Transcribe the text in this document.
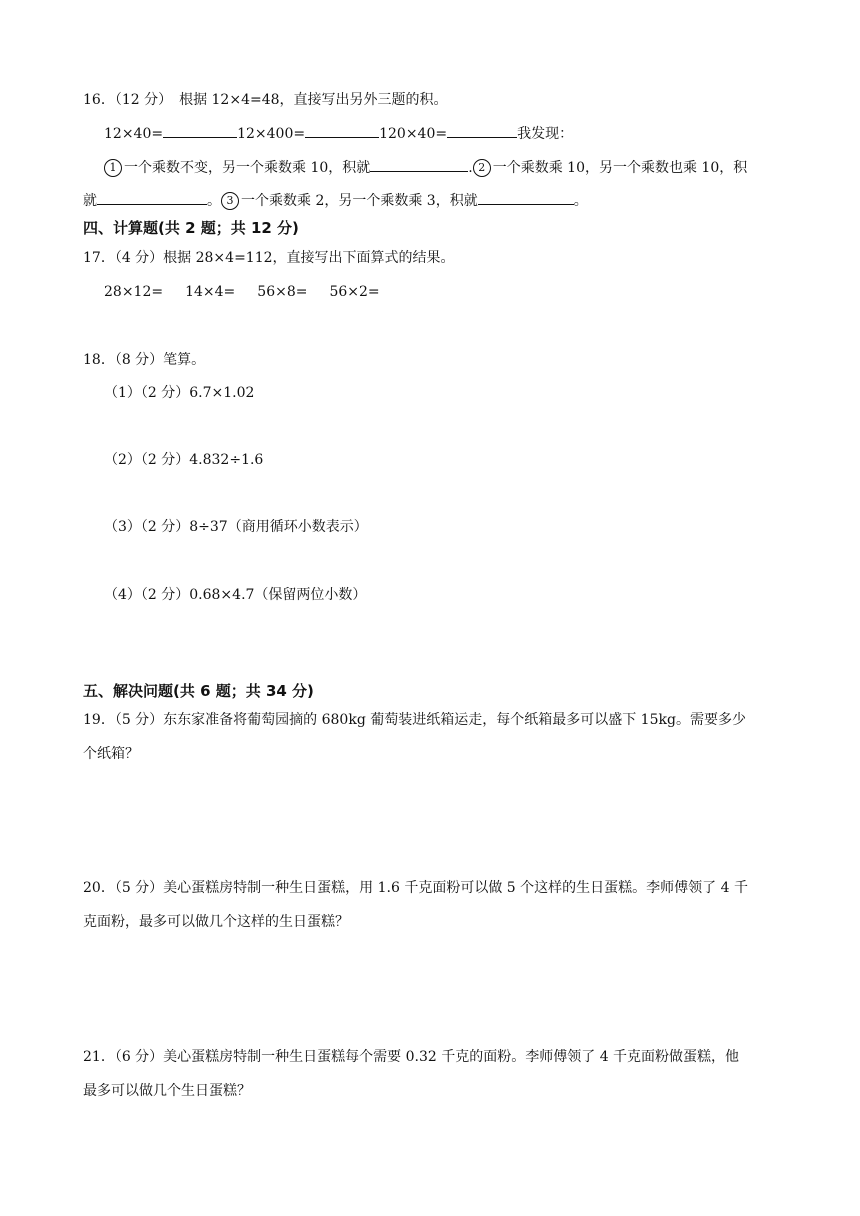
16．（12 分）　根据 12×4=48，直接写出另外三题的积。
12×40=	12×400=	120×40=	我发现：
1 一个乘数不变，另一个乘数乘 10，积就	. 2 一个乘数乘 10，另一个乘数也乘 10，积
就	。 3 一个乘数乘 2，另一个乘数乘 3，积就	。
四、计算题(共 2 题；共 12 分)
17．（4 分）根据 28×4=112，直接写出下面算式的结果。
28×12= 14×4= 56×8= 56×2=
18．（8 分）笔算。
（1）（2 分）6.7×1.02
（2）（2 分）4.832÷1.6
（3）（2 分）8÷37（商用循环小数表示）
（4）（2 分）0.68×4.7（保留两位小数）
五、解决问题(共 6 题；共 34 分)
19．（5 分）东东家准备将葡萄园摘的 680kg 葡萄装进纸箱运走，每个纸箱最多可以盛下 15kg。需要多少
个纸箱？
20．（5 分）美心蛋糕房特制一种生日蛋糕，用 1.6 千克面粉可以做 5 个这样的生日蛋糕。李师傅领了 4 千
克面粉，最多可以做几个这样的生日蛋糕？
21．（6 分）美心蛋糕房特制一种生日蛋糕每个需要 0.32 千克的面粉。李师傅领了 4 千克面粉做蛋糕，他
最多可以做几个生日蛋糕？
